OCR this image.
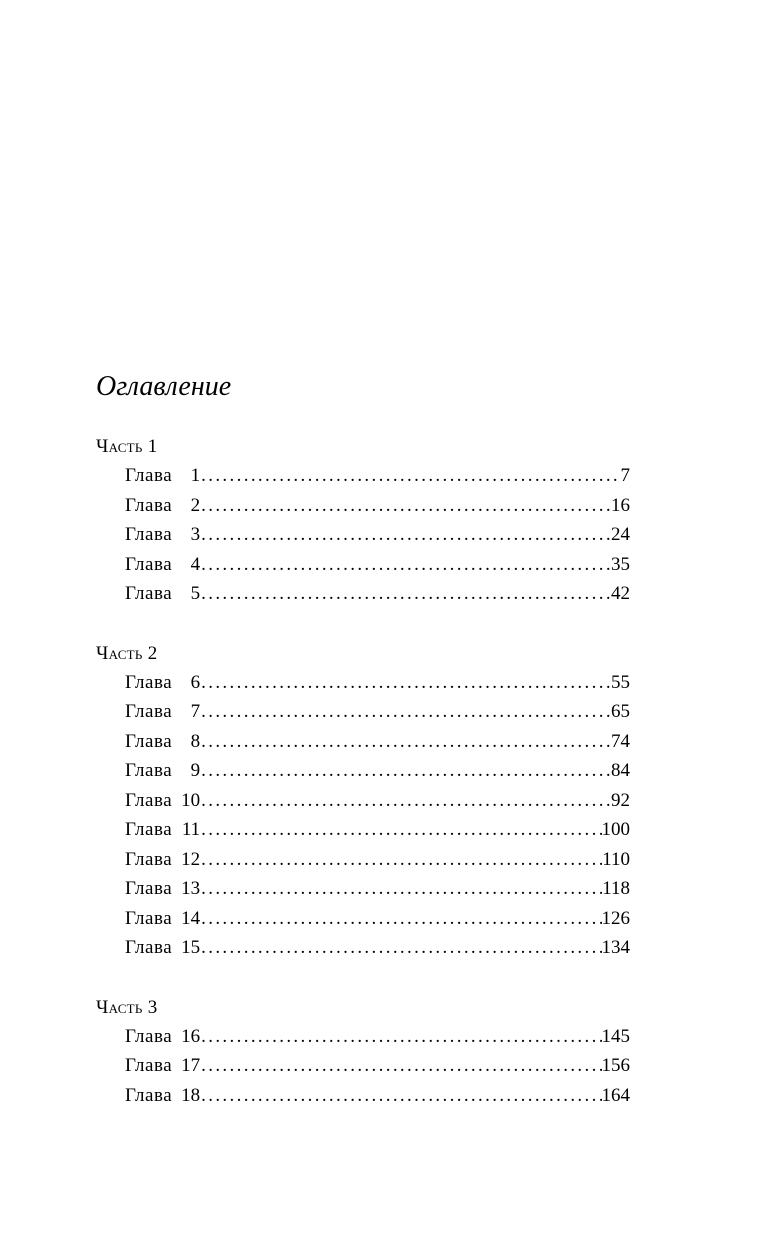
Оглавление
Часть 1
Глава 1 . . .	7
Глава 2 . . .	16
Глава 3 . . .	24
Глава 4 . . .	35
Глава 5 . . .	42
Часть 2
Глава 6 . . .	55
Глава 7 . . .	65
Глава 8 . . .	74
Глава 9 . . .	84
Глава 10 . . .	92
Глава 11 . . .	100
Глава 12 . . .	110
Глава 13 . . .	118
Глава 14 . . .	126
Глава 15 . . .	134
Часть 3
Глава 16 . . .	145
Глава 17 . . .	156
Глава 18 . . .	164
